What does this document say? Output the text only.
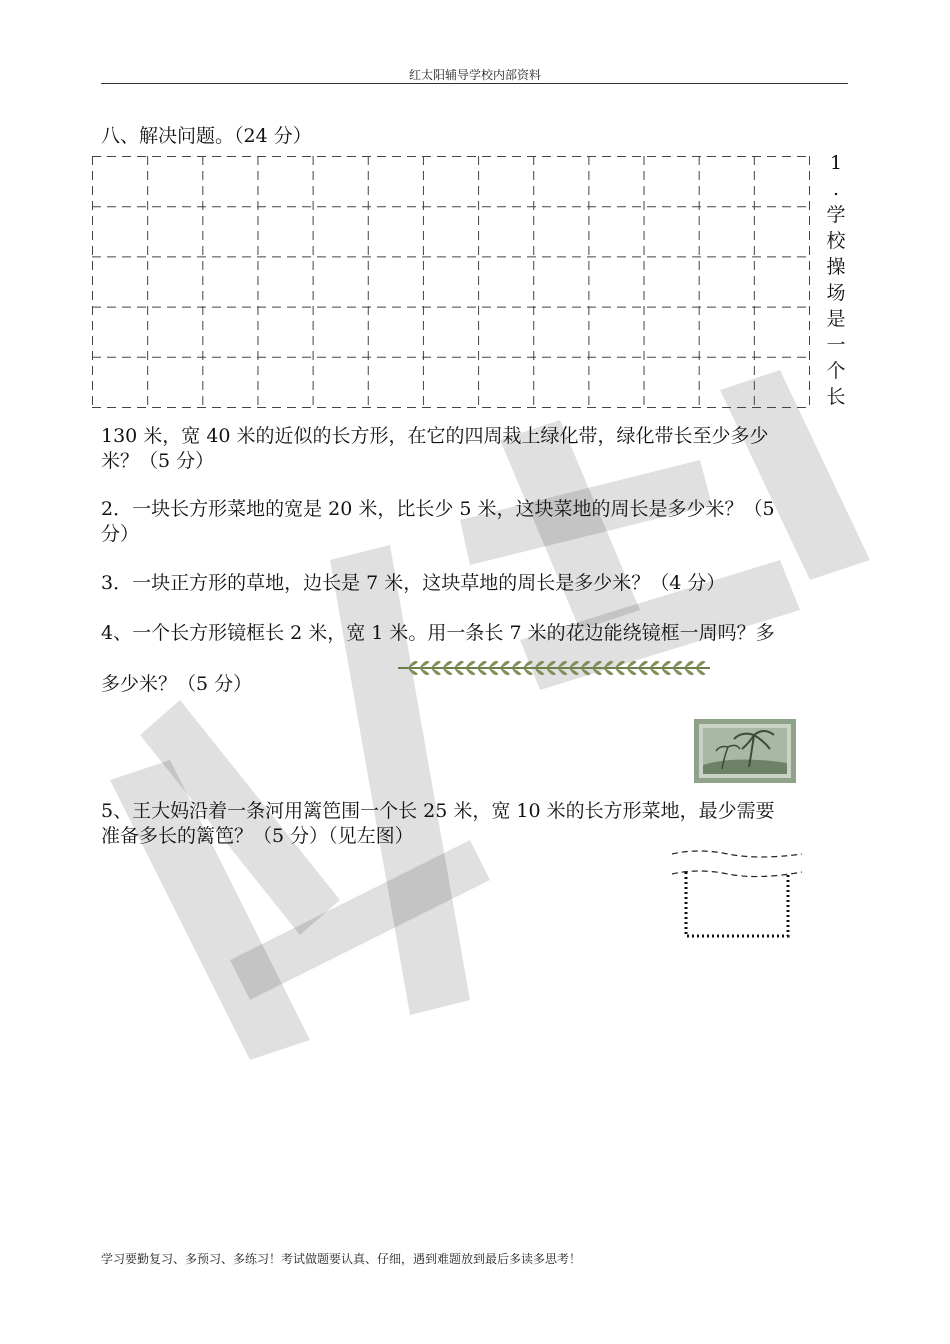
红太阳辅导学校内部资料
八、解决问题。（24 分）
1
.
学
校
操
场
是
一
个
长
130 米，宽 40 米的近似的长方形，在它的四周栽上绿化带，绿化带长至少多少
米？（5 分）
2．一块长方形菜地的宽是 20 米，比长少 5 米，这块菜地的周长是多少米？（5
分）
3．一块正方形的草地，边长是 7 米，这块草地的周长是多少米？（4 分）
4、一个长方形镜框长 2 米，宽 1 米。用一条长 7 米的花边能绕镜框一周吗？多
多少米？（5 分）
5、王大妈沿着一条河用篱笆围一个长 25 米，宽 10 米的长方形菜地，最少需要
准备多长的篱笆？（5 分）（见左图）
学习要勤复习、多预习、多练习！考试做题要认真、仔细，遇到难题放到最后多读多思考！
